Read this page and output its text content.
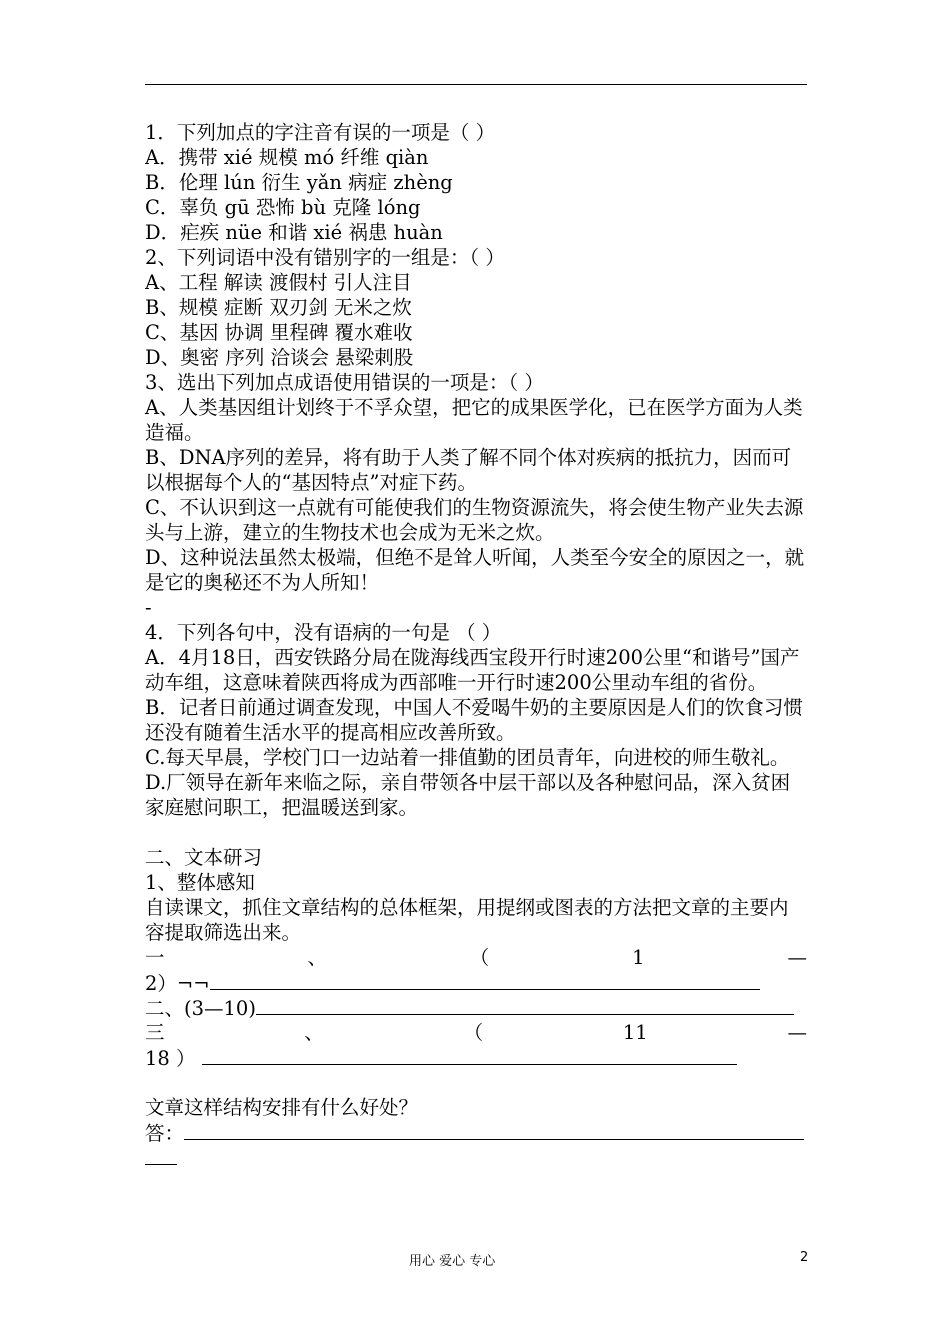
1．下列加点的字注音有误的一项是（ ）
A．携带 xié 规模 mó 纤维 qiàn
B．伦理 lún 衍生 yǎn 病症 zhèng
C．辜负 gū 恐怖 bù 克隆 lóng
D．疟疾 nüe 和谐 xié 祸患 huàn
2、下列词语中没有错别字的一组是：（ ）
A、工程 解读 渡假村 引人注目
B、规模 症断 双刃剑 无米之炊
C、基因 协调 里程碑 覆水难收
D、奥密 序列 洽谈会 悬梁刺股
3、选出下列加点成语使用错误的一项是：（ ）
A、人类基因组计划终于不孚众望，把它的成果医学化，已在医学方面为人类造福。
B、DNA序列的差异，将有助于人类了解不同个体对疾病的抵抗力，因而可以根据每个人的“基因特点”对症下药。
C、不认识到这一点就有可能使我们的生物资源流失，将会使生物产业失去源头与上游，建立的生物技术也会成为无米之炊。
D、这种说法虽然太极端，但绝不是耸人听闻，人类至今安全的原因之一，就是它的奥秘还不为人所知！
-
4．下列各句中，没有语病的一句是 （ ）
A．4月18日，西安铁路分局在陇海线西宝段开行时速200公里“和谐号”国产动车组，这意味着陕西将成为西部唯一开行时速200公里动车组的省份。
B．记者日前通过调查发现，中国人不爱喝牛奶的主要原因是人们的饮食习惯还没有随着生活水平的提高相应改善所致。
C.每天早晨，学校门口一边站着一排值勤的团员青年，向进校的师生敬礼。
D.厂领导在新年来临之际，亲自带领各中层干部以及各种慰问品，深入贫困家庭慰问职工，把温暖送到家。
二、文本研习
1、整体感知
自读课文，抓住文章结构的总体框架，用提纲或图表的方法把文章的主要内容提取筛选出来。
一	、	（	1	—
2）¬¬
二、(3—10)
三	、	（	11	—
18 ）
文章这样结构安排有什么好处？
答：
用心 爱心 专心	2
